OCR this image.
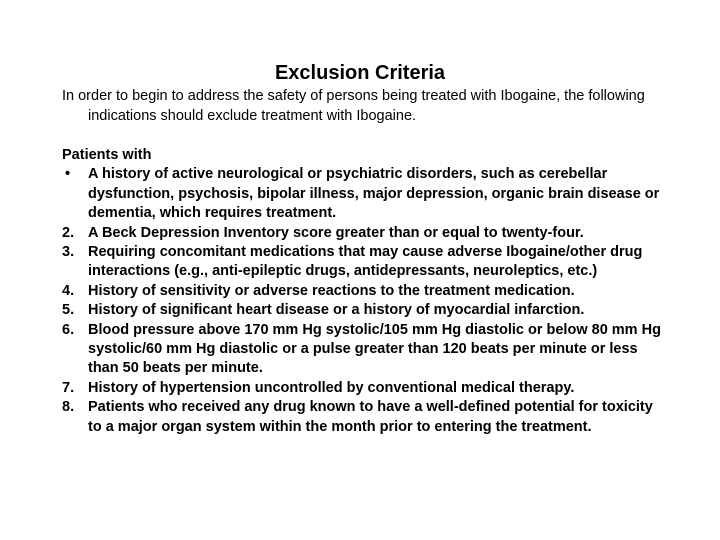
Exclusion Criteria
In order to begin to address the safety of persons being treated with Ibogaine, the following indications should exclude treatment with Ibogaine.

Patients with

•	A history of active neurological or psychiatric disorders, such as cerebellar dysfunction, psychosis, bipolar illness, major depression, organic brain disease or dementia, which requires treatment.
2. A Beck Depression Inventory score greater than or equal to twenty-four.
3. Requiring concomitant medications that may cause adverse Ibogaine/other drug interactions (e.g., anti-epileptic drugs, antidepressants, neuroleptics, etc.)
4. History of sensitivity or adverse reactions to the treatment medication.
5. History of significant heart disease or a history of myocardial infarction.
6. Blood pressure above 170 mm Hg systolic/105 mm Hg diastolic or below 80 mm Hg systolic/60 mm Hg diastolic or a pulse greater than 120 beats per minute or less than 50 beats per minute.
7. History of hypertension uncontrolled by conventional medical therapy.
8. Patients who received any drug known to have a well-defined potential for toxicity to a major organ system within the month prior to entering the treatment.
